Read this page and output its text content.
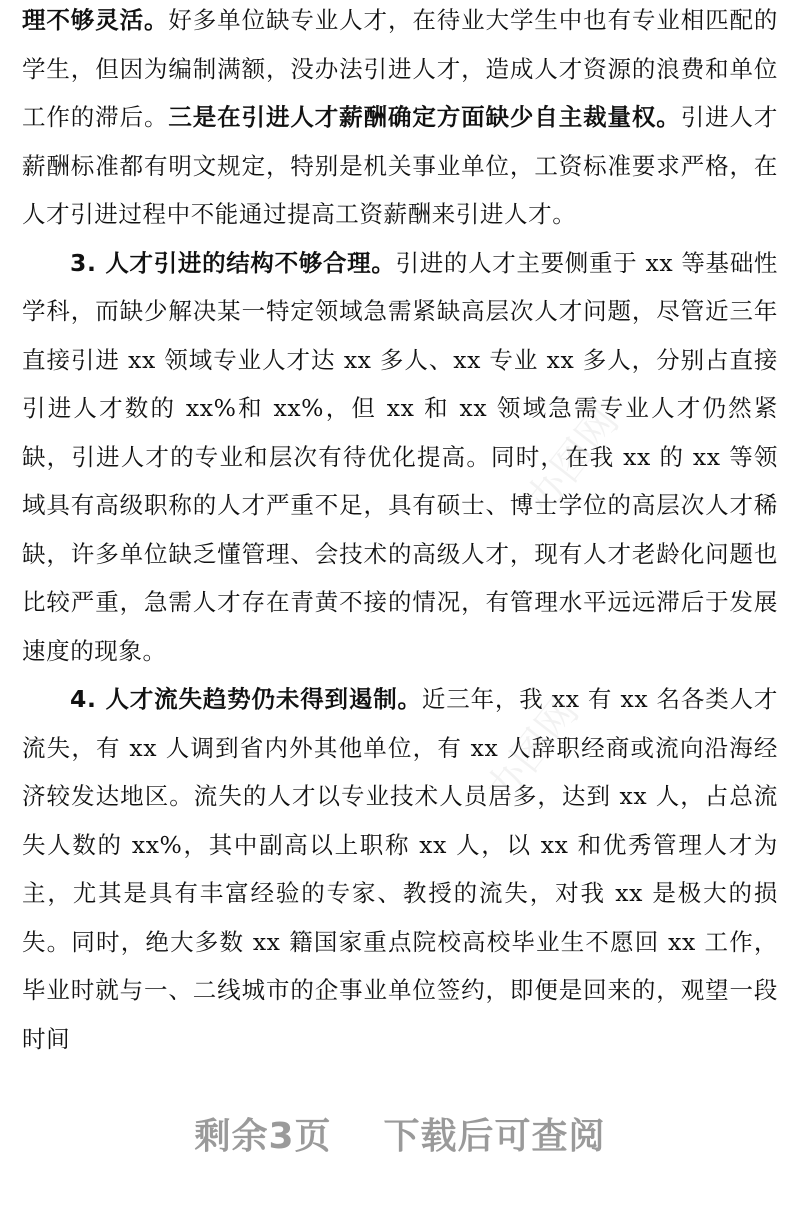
理不够灵活。好多单位缺专业人才，在待业大学生中也有专业相匹配的学生，但因为编制满额，没办法引进人才，造成人才资源的浪费和单位工作的滞后。三是在引进人才薪酬确定方面缺少自主裁量权。引进人才薪酬标准都有明文规定，特别是机关事业单位，工资标准要求严格，在人才引进过程中不能通过提高工资薪酬来引进人才。

3. 人才引进的结构不够合理。引进的人才主要侧重于 xx 等基础性学科，而缺少解决某一特定领域急需紧缺高层次人才问题，尽管近三年直接引进 xx 领域专业人才达 xx 多人、xx 专业 xx 多人，分别占直接引进人才数的 xx%和 xx%，但 xx 和 xx 领域急需专业人才仍然紧缺，引进人才的专业和层次有待优化提高。同时，在我 xx 的 xx 等领域具有高级职称的人才严重不足，具有硕士、博士学位的高层次人才稀缺，许多单位缺乏懂管理、会技术的高级人才，现有人才老龄化问题也比较严重，急需人才存在青黄不接的情况，有管理水平远远滞后于发展速度的现象。

4. 人才流失趋势仍未得到遏制。近三年，我 xx 有 xx 名各类人才流失，有 xx 人调到省内外其他单位，有 xx 人辞职经商或流向沿海经济较发达地区。流失的人才以专业技术人员居多，达到 xx 人，占总流失人数的 xx%，其中副高以上职称 xx 人，以 xx 和优秀管理人才为主，尤其是具有丰富经验的专家、教授的流失，对我 xx 是极大的损失。同时，绝大多数 xx 籍国家重点院校高校毕业生不愿回 xx 工作，毕业时就与一、二线城市的企事业单位签约，即便是回来的，观望一段时间

办图网
办图网
剩余3页 下载后可查阅
